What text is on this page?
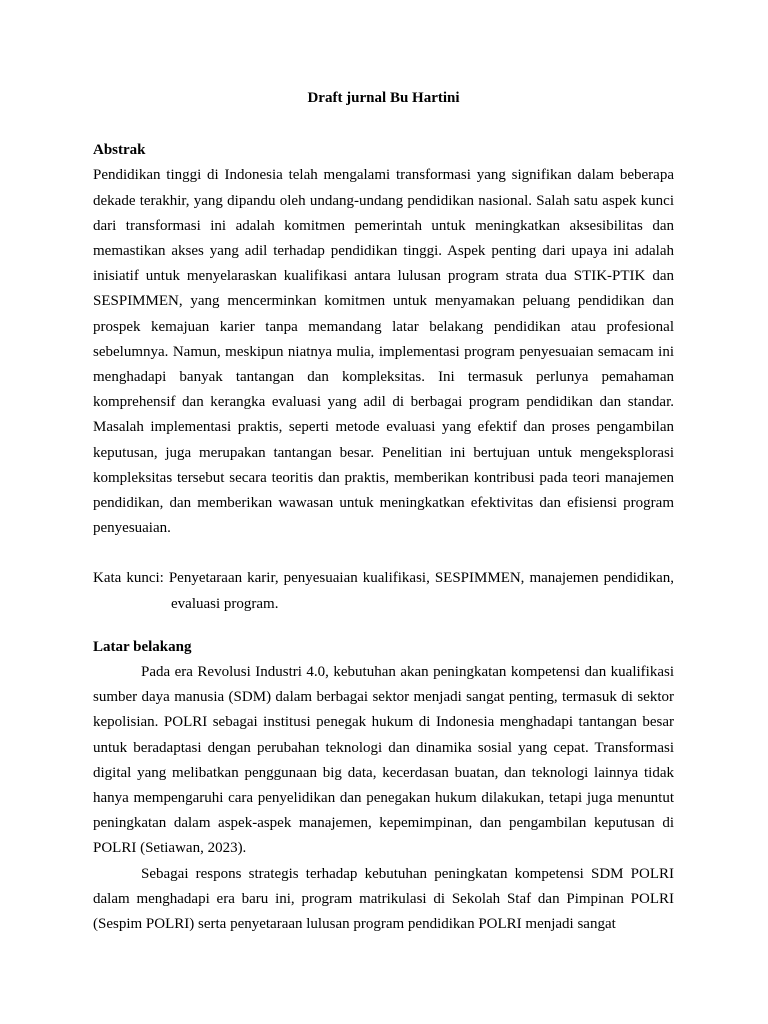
Draft jurnal Bu Hartini

Abstrak

Pendidikan tinggi di Indonesia telah mengalami transformasi yang signifikan dalam beberapa dekade terakhir, yang dipandu oleh undang-undang pendidikan nasional. Salah satu aspek kunci dari transformasi ini adalah komitmen pemerintah untuk meningkatkan aksesibilitas dan memastikan akses yang adil terhadap pendidikan tinggi. Aspek penting dari upaya ini adalah inisiatif untuk menyelaraskan kualifikasi antara lulusan program strata dua STIK-PTIK dan SESPIMMEN, yang mencerminkan komitmen untuk menyamakan peluang pendidikan dan prospek kemajuan karier tanpa memandang latar belakang pendidikan atau profesional sebelumnya. Namun, meskipun niatnya mulia, implementasi program penyesuaian semacam ini menghadapi banyak tantangan dan kompleksitas. Ini termasuk perlunya pemahaman komprehensif dan kerangka evaluasi yang adil di berbagai program pendidikan dan standar. Masalah implementasi praktis, seperti metode evaluasi yang efektif dan proses pengambilan keputusan, juga merupakan tantangan besar. Penelitian ini bertujuan untuk mengeksplorasi kompleksitas tersebut secara teoritis dan praktis, memberikan kontribusi pada teori manajemen pendidikan, dan memberikan wawasan untuk meningkatkan efektivitas dan efisiensi program penyesuaian.

Kata kunci: Penyetaraan karir, penyesuaian kualifikasi, SESPIMMEN, manajemen pendidikan, evaluasi program.

Latar belakang

Pada era Revolusi Industri 4.0, kebutuhan akan peningkatan kompetensi dan kualifikasi sumber daya manusia (SDM) dalam berbagai sektor menjadi sangat penting, termasuk di sektor kepolisian. POLRI sebagai institusi penegak hukum di Indonesia menghadapi tantangan besar untuk beradaptasi dengan perubahan teknologi dan dinamika sosial yang cepat. Transformasi digital yang melibatkan penggunaan big data, kecerdasan buatan, dan teknologi lainnya tidak hanya mempengaruhi cara penyelidikan dan penegakan hukum dilakukan, tetapi juga menuntut peningkatan dalam aspek-aspek manajemen, kepemimpinan, dan pengambilan keputusan di POLRI (Setiawan, 2023).

Sebagai respons strategis terhadap kebutuhan peningkatan kompetensi SDM POLRI dalam menghadapi era baru ini, program matrikulasi di Sekolah Staf dan Pimpinan POLRI (Sespim POLRI) serta penyetaraan lulusan program pendidikan POLRI menjadi sangat
